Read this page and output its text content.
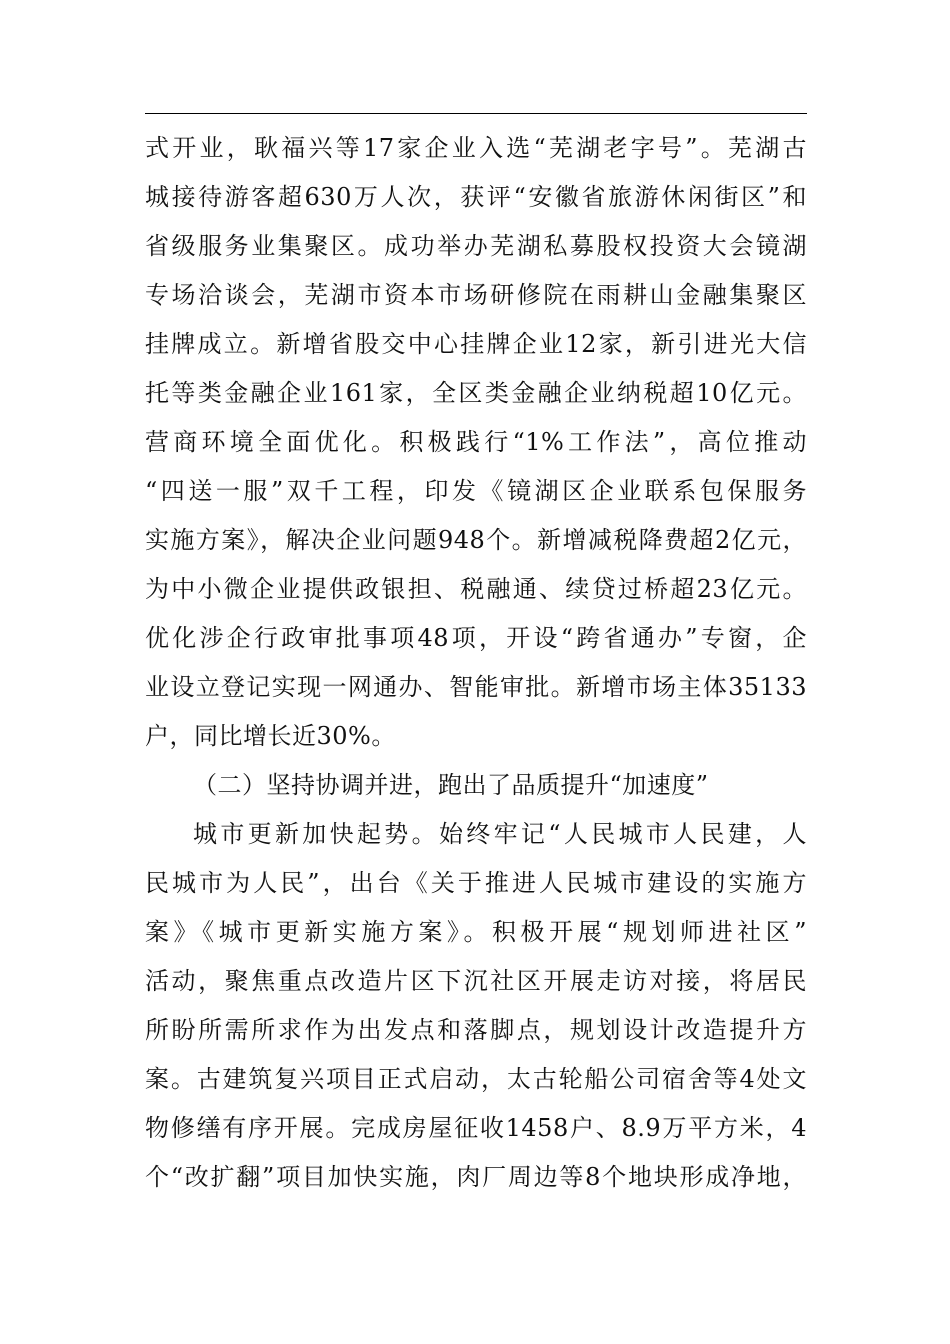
式开业，耿福兴等17家企业入选“芜湖老字号”。芜湖古
城接待游客超630万人次，获评“安徽省旅游休闲街区”和
省级服务业集聚区。成功举办芜湖私募股权投资大会镜湖
专场洽谈会，芜湖市资本市场研修院在雨耕山金融集聚区
挂牌成立。新增省股交中心挂牌企业12家，新引进光大信
托等类金融企业161家，全区类金融企业纳税超10亿元。
营商环境全面优化。积极践行“1%工作法”，高位推动
“四送一服”双千工程，印发《镜湖区企业联系包保服务
实施方案》，解决企业问题948个。新增减税降费超2亿元，
为中小微企业提供政银担、税融通、续贷过桥超23亿元。
优化涉企行政审批事项48项，开设“跨省通办”专窗，企
业设立登记实现一网通办、智能审批。新增市场主体35133
户，同比增长近30%。
（二）坚持协调并进，跑出了品质提升“加速度”
城市更新加快起势。始终牢记“人民城市人民建，人
民城市为人民”，出台《关于推进人民城市建设的实施方
案》《城市更新实施方案》。积极开展“规划师进社区”
活动，聚焦重点改造片区下沉社区开展走访对接，将居民
所盼所需所求作为出发点和落脚点，规划设计改造提升方
案。古建筑复兴项目正式启动，太古轮船公司宿舍等4处文
物修缮有序开展。完成房屋征收1458户、8.9万平方米，4
个“改扩翻”项目加快实施，肉厂周边等8个地块形成净地，
